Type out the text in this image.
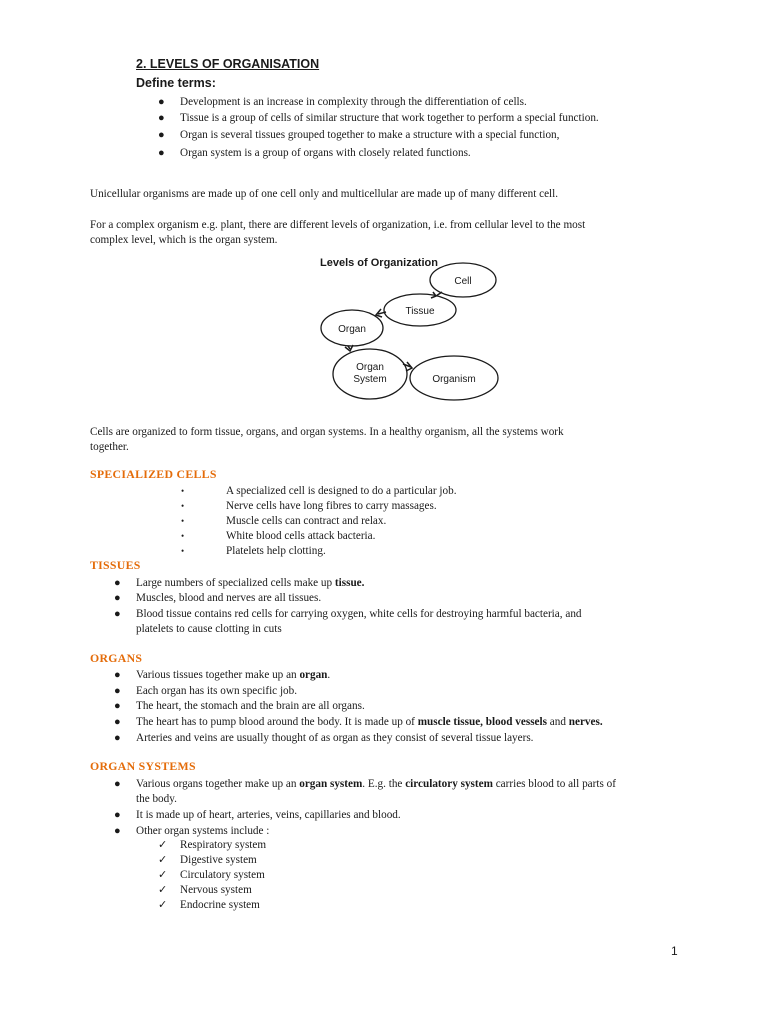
2. LEVELS OF ORGANISATION
Define terms:
● Development is an increase in complexity through the differentiation of cells.
● Tissue is a group of cells of similar structure that work together to perform a special function.
● Organ is several tissues grouped together to make a structure with a special function,
● Organ system is a group of organs with closely related functions.
Unicellular organisms are made up of one cell only and multicellular are made up of many different cell.
For a complex organism e.g. plant, there are different levels of organization, i.e. from cellular level to the most
complex level, which is the organ system.
Levels of Organization
Cell
Tissue
Organ
Organ
System	Organism
Cells are organized to form tissue, organs, and organ systems. In a healthy organism, all the systems work
together.
SPECIALIZED CELLS
•	A specialized cell is designed to do a particular job.
•	Nerve cells have long fibres to carry massages.
•	Muscle cells can contract and relax.
•	White blood cells attack bacteria.
•	Platelets help clotting.
TISSUES
● Large numbers of specialized cells make up tissue.
● Muscles, blood and nerves are all tissues.
● Blood tissue contains red cells for carrying oxygen, white cells for destroying harmful bacteria, and
platelets to cause clotting in cuts
ORGANS
● Various tissues together make up an organ.
● Each organ has its own specific job.
● The heart, the stomach and the brain are all organs.
● The heart has to pump blood around the body. It is made up of muscle tissue, blood vessels and nerves.
● Arteries and veins are usually thought of as organ as they consist of several tissue layers.
ORGAN SYSTEMS
● Various organs together make up an organ system. E.g. the circulatory system carries blood to all parts of
the body.
● It is made up of heart, arteries, veins, capillaries and blood.
● Other organ systems include :
✓ Respiratory system
✓ Digestive system
✓ Circulatory system
✓ Nervous system
✓ Endocrine system
1
